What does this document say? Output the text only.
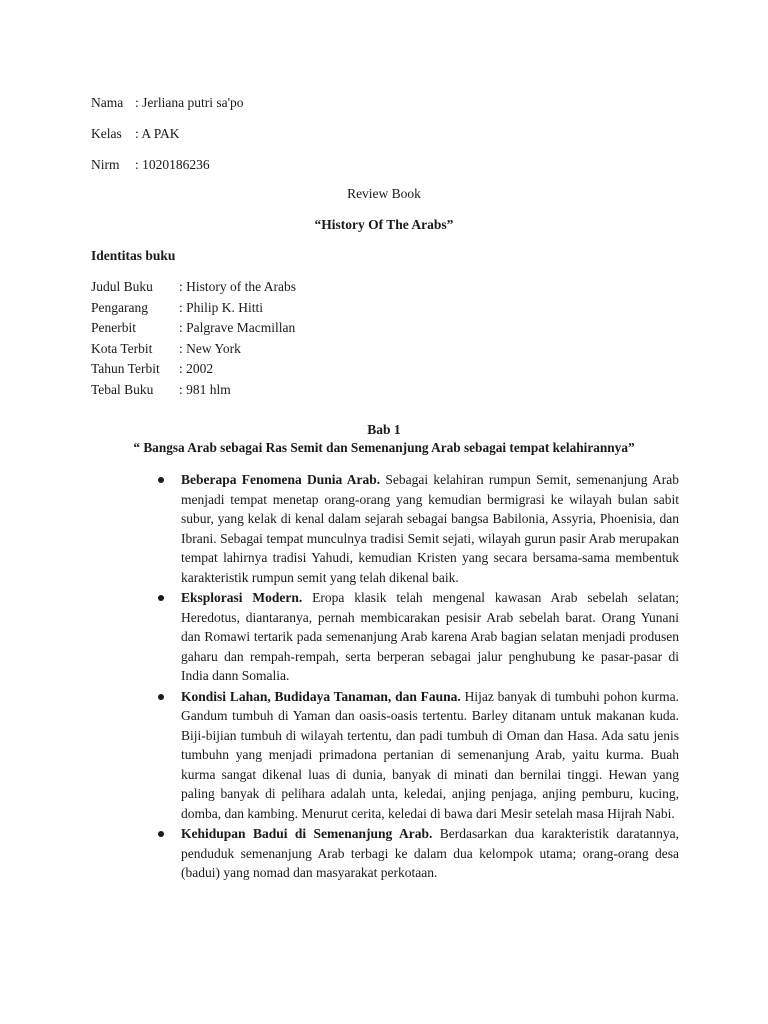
Nama : Jerliana putri sa'po
Kelas : A PAK
Nirm	: 1020186236
Review Book
“History Of The Arabs”
Identitas buku
Judul Buku	: History of the Arabs
Pengarang	: Philip K. Hitti
Penerbit	: Palgrave Macmillan
Kota Terbit	: New York
Tahun Terbit	: 2002
Tebal Buku	: 981 hlm
Bab 1
“ Bangsa Arab sebagai Ras Semit dan Semenanjung Arab sebagai tempat kelahirannya”
Beberapa Fenomena Dunia Arab. Sebagai kelahiran rumpun Semit, semenanjung Arab menjadi tempat menetap orang-orang yang kemudian bermigrasi ke wilayah bulan sabit subur, yang kelak di kenal dalam sejarah sebagai bangsa Babilonia, Assyria, Phoenisia, dan Ibrani. Sebagai tempat munculnya tradisi Semit sejati, wilayah gurun pasir Arab merupakan tempat lahirnya tradisi Yahudi, kemudian Kristen yang secara bersama-sama membentuk karakteristik rumpun semit yang telah dikenal baik.
Eksplorasi Modern. Eropa klasik telah mengenal kawasan Arab sebelah selatan; Heredotus, diantaranya, pernah membicarakan pesisir Arab sebelah barat. Orang Yunani dan Romawi tertarik pada semenanjung Arab karena Arab bagian selatan menjadi produsen gaharu dan rempah-rempah, serta berperan sebagai jalur penghubung ke pasar-pasar di India dann Somalia.
Kondisi Lahan, Budidaya Tanaman, dan Fauna. Hijaz banyak di tumbuhi pohon kurma. Gandum tumbuh di Yaman dan oasis-oasis tertentu. Barley ditanam untuk makanan kuda. Biji-bijian tumbuh di wilayah tertentu, dan padi tumbuh di Oman dan Hasa. Ada satu jenis tumbuhn yang menjadi primadona pertanian di semenanjung Arab, yaitu kurma. Buah kurma sangat dikenal luas di dunia, banyak di minati dan bernilai tinggi. Hewan yang paling banyak di pelihara adalah unta, keledai, anjing penjaga, anjing pemburu, kucing, domba, dan kambing. Menurut cerita, keledai di bawa dari Mesir setelah masa Hijrah Nabi.
Kehidupan Badui di Semenanjung Arab. Berdasarkan dua karakteristik daratannya, penduduk semenanjung Arab terbagi ke dalam dua kelompok utama; orang-orang desa (badui) yang nomad dan masyarakat perkotaan.
